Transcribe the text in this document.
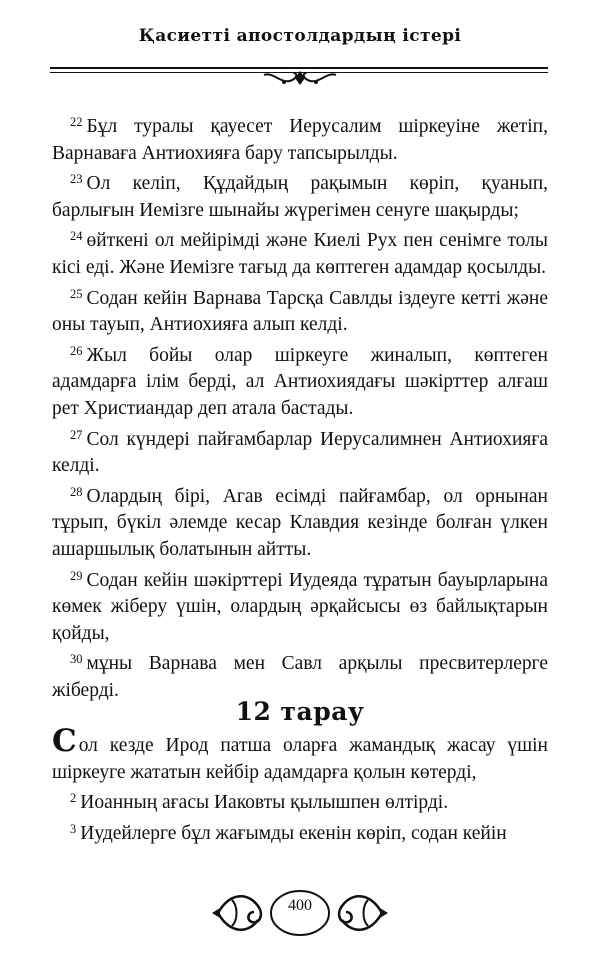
Қасиетті апостолдардың істері

$^{22}$ Бұл туралы қауесет Иерусалим шіркеуіне жетіп, Варнаваға Антиохияға бару тапсырылды.

$^{23}$ Ол келіп, Құдайдың рақымын көріп, қуанып, барлығын Иемізге шынайы жүрегімен сенуге шақырды;

$^{24}$ өйткені ол мейірімді және Киелі Рух пен сенімге толы кісі еді. Және Иемізге тағыд да көптеген адамдар қосылды.

$^{25}$ Содан кейін Варнава Тарсқа Савлды іздеуге кетті және оны тауып, Антиохияға алып келді.

$^{26}$ Жыл бойы олар шіркеуге жиналып, көптеген адамдарға ілім берді, ал Антиохиядағы шәкірттер алғаш рет Христиандар деп атала бастады.

$^{27}$ Сол күндері пайғамбарлар Иерусалимнен Антиохияға келді.

$^{28}$ Олардың бірі, Агав есімді пайғамбар, ол орнынан тұрып, бүкіл әлемде кесар Клавдия кезінде болған үлкен ашаршылық болатынын айтты.

$^{29}$ Содан кейін шәкірттері Иудеяда тұратын бауырларына көмек жіберу үшін, олардың әрқайсысы өз байлықтарын қойды,

$^{30}$ мұны Варнава мен Савл арқылы пресвитерлерге жіберді.

12 тарау

Сол кезде Ирод патша оларға жамандық жасау үшін шіркеуге жататын кейбір адамдарға қолын көтерді,

$^2$ Иоанның ағасы Иаковты қылышпен өлтірді.

$^3$ Иудейлерге бұл жағымды екенін көріп, содан кейін

400
